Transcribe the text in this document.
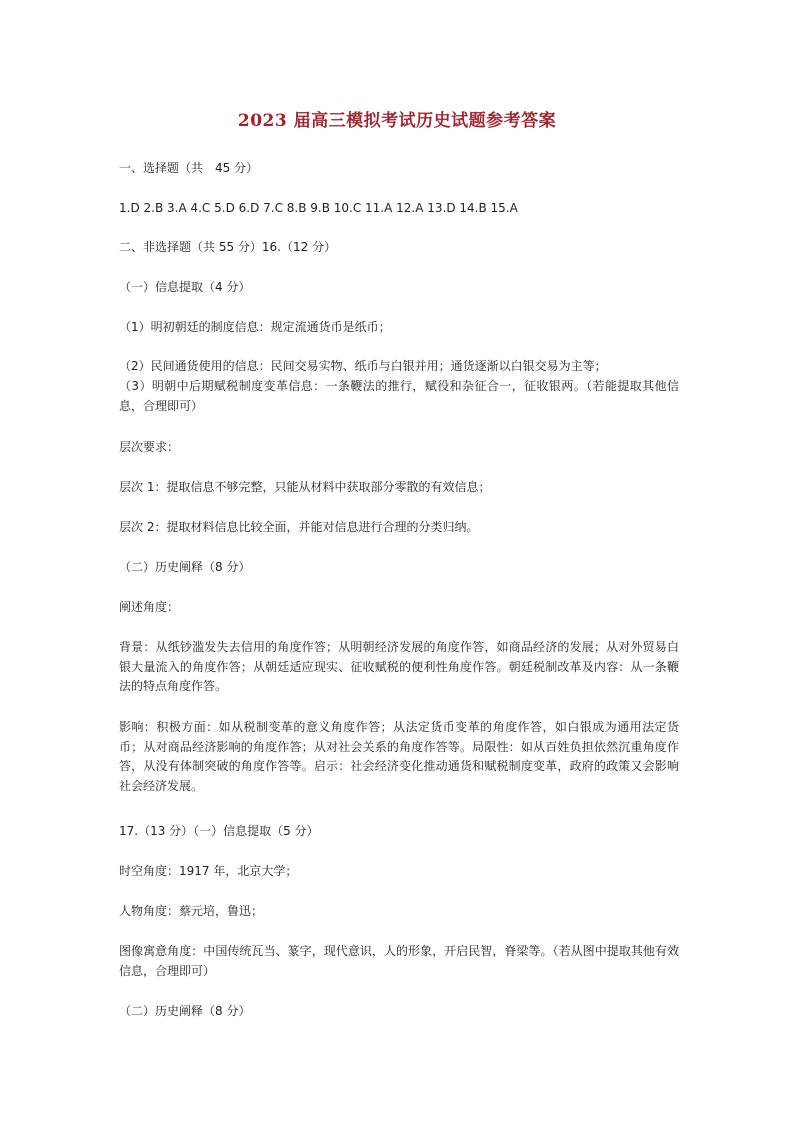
2023 届高三模拟考试历史试题参考答案
一、选择题（共　45 分）
1.D 2.B 3.A 4.C 5.D 6.D 7.C 8.B 9.B 10.C 11.A 12.A 13.D 14.B 15.A
二、非选择题（共 55 分）16.（12 分）
（一）信息提取（4 分）
（1）明初朝廷的制度信息：规定流通货币是纸币；
（2）民间通货使用的信息：民间交易实物、纸币与白银并用；通货逐渐以白银交易为主等；
（3）明朝中后期赋税制度变革信息：一条鞭法的推行，赋役和杂征合一，征收银两。（若能提取其他信息，合理即可）
层次要求：
层次 1：提取信息不够完整，只能从材料中获取部分零散的有效信息；
层次 2：提取材料信息比较全面，并能对信息进行合理的分类归纳。
（二）历史阐释（8 分）
阐述角度：
背景：从纸钞滥发失去信用的角度作答；从明朝经济发展的角度作答，如商品经济的发展；从对外贸易白银大量流入的角度作答；从朝廷适应现实、征收赋税的便利性角度作答。朝廷税制改革及内容：从一条鞭法的特点角度作答。
影响：积极方面：如从税制变革的意义角度作答；从法定货币变革的角度作答，如白银成为通用法定货币；从对商品经济影响的角度作答；从对社会关系的角度作答等。局限性：如从百姓负担依然沉重角度作答，从没有体制突破的角度作答等。启示：社会经济变化推动通货和赋税制度变革，政府的政策又会影响社会经济发展。
17.（13 分）（一）信息提取（5 分）
时空角度：1917 年，北京大学；
人物角度：蔡元培，鲁迅；
图像寓意角度：中国传统瓦当、篆字，现代意识，人的形象，开启民智，脊梁等。（若从图中提取其他有效信息，合理即可）
（二）历史阐释（8 分）
